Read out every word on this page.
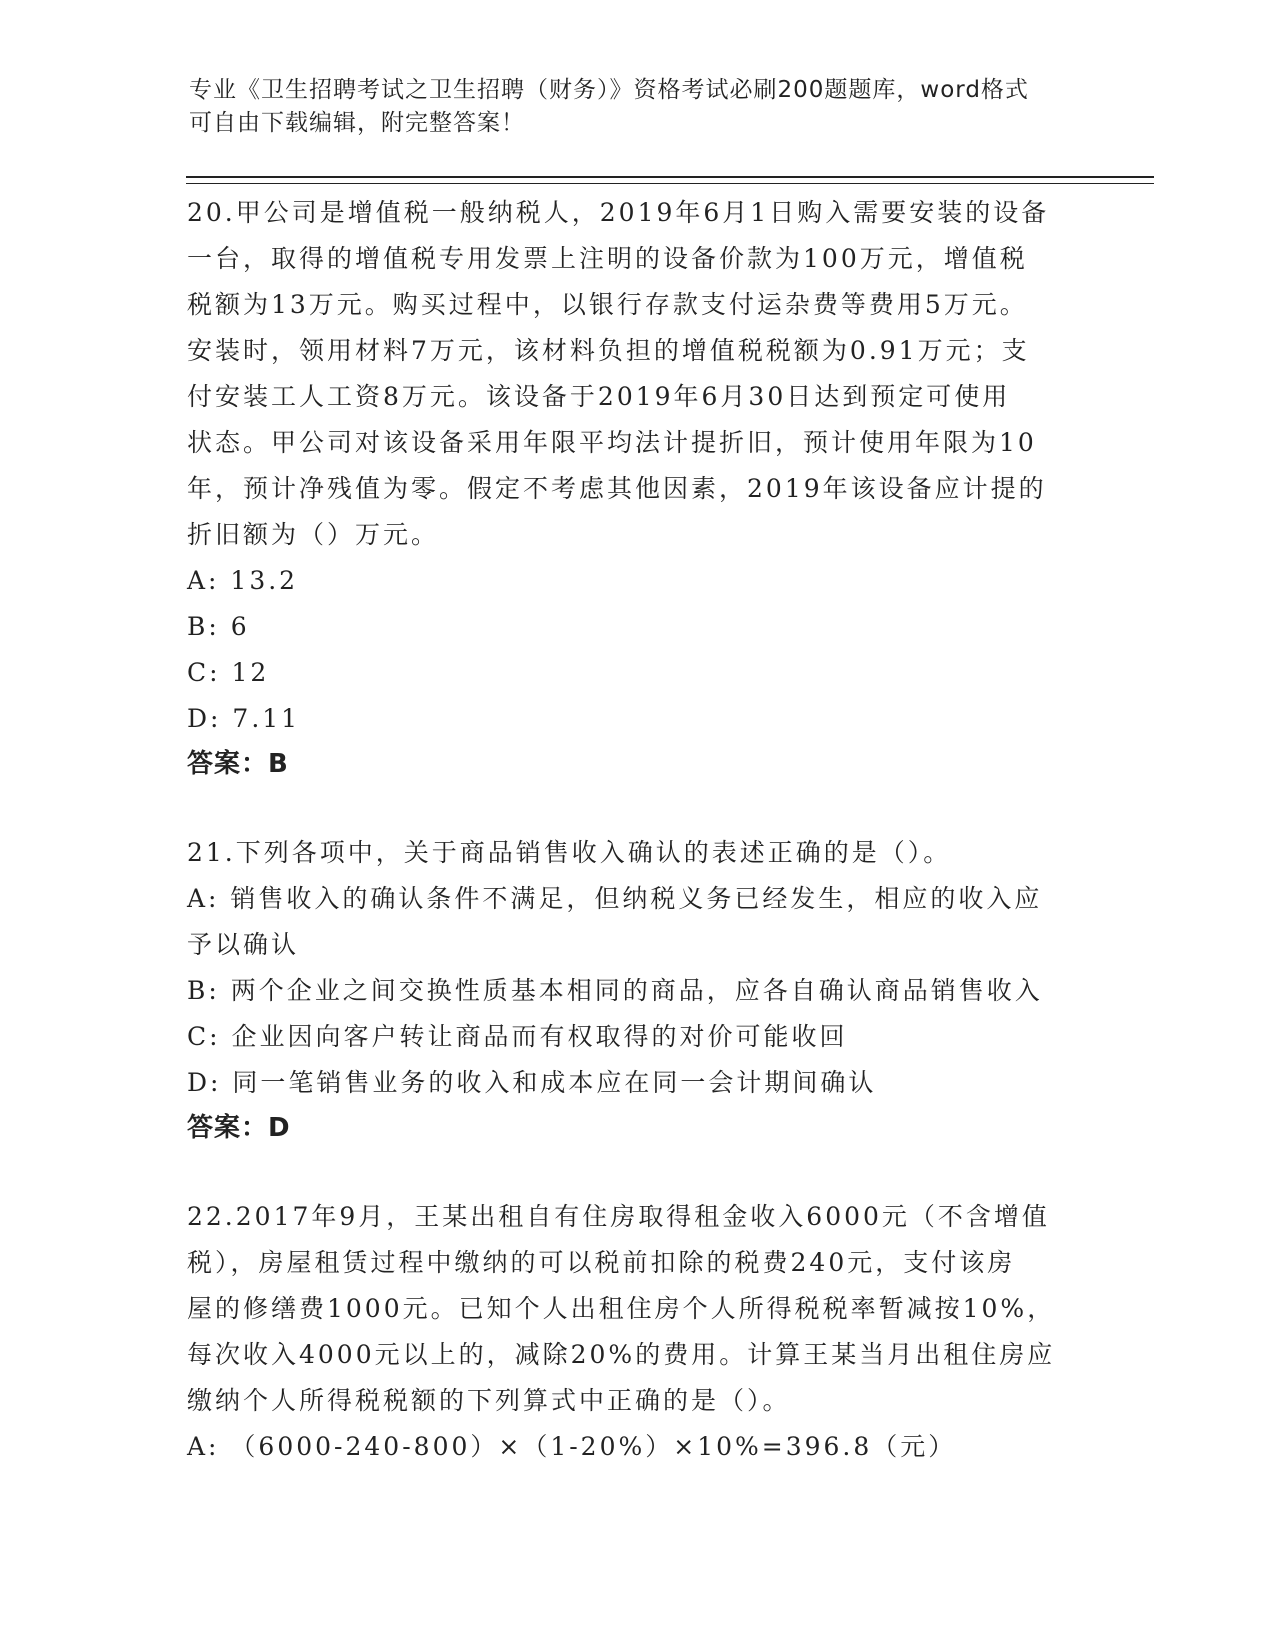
专业《卫生招聘考试之卫生招聘（财务）》资格考试必刷200题题库，word格式
可自由下载编辑，附完整答案！
20.甲公司是增值税一般纳税人，2019年6月1日购入需要安装的设备
一台，取得的增值税专用发票上注明的设备价款为100万元，增值税
税额为13万元。购买过程中，以银行存款支付运杂费等费用5万元。
安装时，领用材料7万元，该材料负担的增值税税额为0.91万元；支
付安装工人工资8万元。该设备于2019年6月30日达到预定可使用
状态。甲公司对该设备采用年限平均法计提折旧，预计使用年限为10
年，预计净残值为零。假定不考虑其他因素，2019年该设备应计提的
折旧额为（）万元。
A: 13.2
B: 6
C: 12
D: 7.11
答案：B
21.下列各项中，关于商品销售收入确认的表述正确的是（）。
A: 销售收入的确认条件不满足，但纳税义务已经发生，相应的收入应
予以确认
B: 两个企业之间交换性质基本相同的商品，应各自确认商品销售收入
C: 企业因向客户转让商品而有权取得的对价可能收回
D: 同一笔销售业务的收入和成本应在同一会计期间确认
答案：D
22.2017年9月，王某出租自有住房取得租金收入6000元（不含增值
税），房屋租赁过程中缴纳的可以税前扣除的税费240元，支付该房
屋的修缮费1000元。已知个人出租住房个人所得税税率暂减按10%，
每次收入4000元以上的，减除20%的费用。计算王某当月出租住房应
缴纳个人所得税税额的下列算式中正确的是（）。
A: （6000-240-800）×（1-20%）×10%=396.8（元）
